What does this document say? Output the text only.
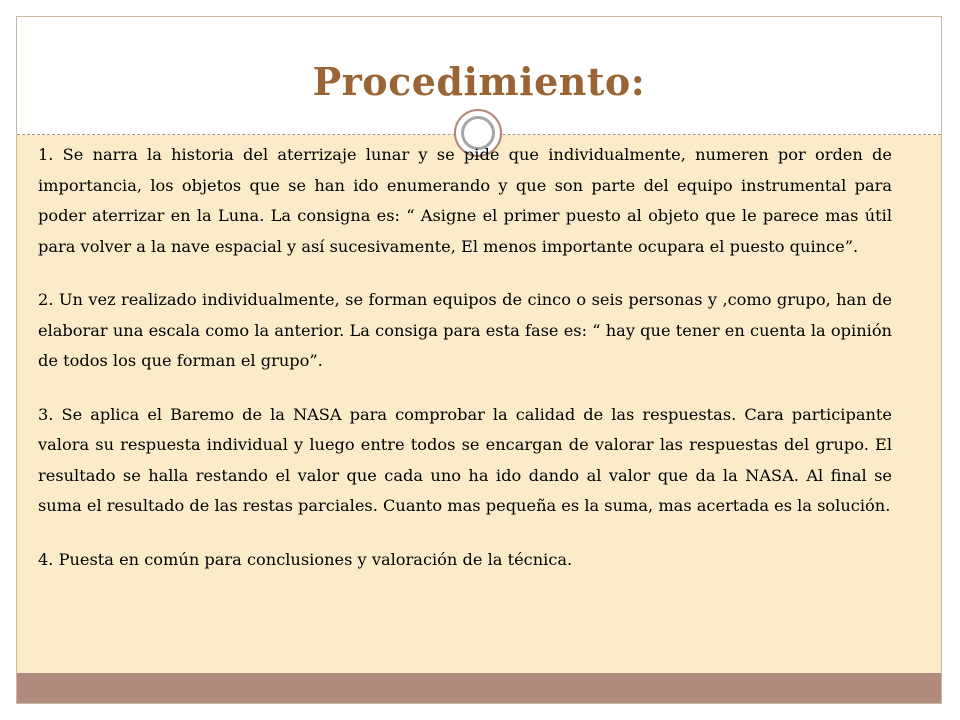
Procedimiento:

1. Se narra la historia del aterrizaje lunar y se pide que individualmente, numeren por orden de importancia, los objetos que se han ido enumerando y que son parte del equipo instrumental para poder aterrizar en la Luna. La consigna es: “ Asigne el primer puesto al objeto que le parece mas útil para volver a la nave espacial y así sucesivamente, El menos importante ocupara el puesto quince”.

2. Un vez realizado individualmente, se forman equipos de cinco o seis personas y ,como grupo, han de elaborar una escala como la anterior. La consiga para esta fase es: “ hay que tener en cuenta la opinión de todos los que forman el grupo”.

3. Se aplica el Baremo de la NASA para comprobar la calidad de las respuestas. Cara participante valora su respuesta individual y luego entre todos se encargan de valorar las respuestas del grupo. El resultado se halla restando el valor que cada uno ha ido dando al valor que da la NASA. Al final se suma el resultado de las restas parciales. Cuanto mas pequeña es la suma, mas acertada es la solución.

4. Puesta en común para conclusiones y valoración de la técnica.
